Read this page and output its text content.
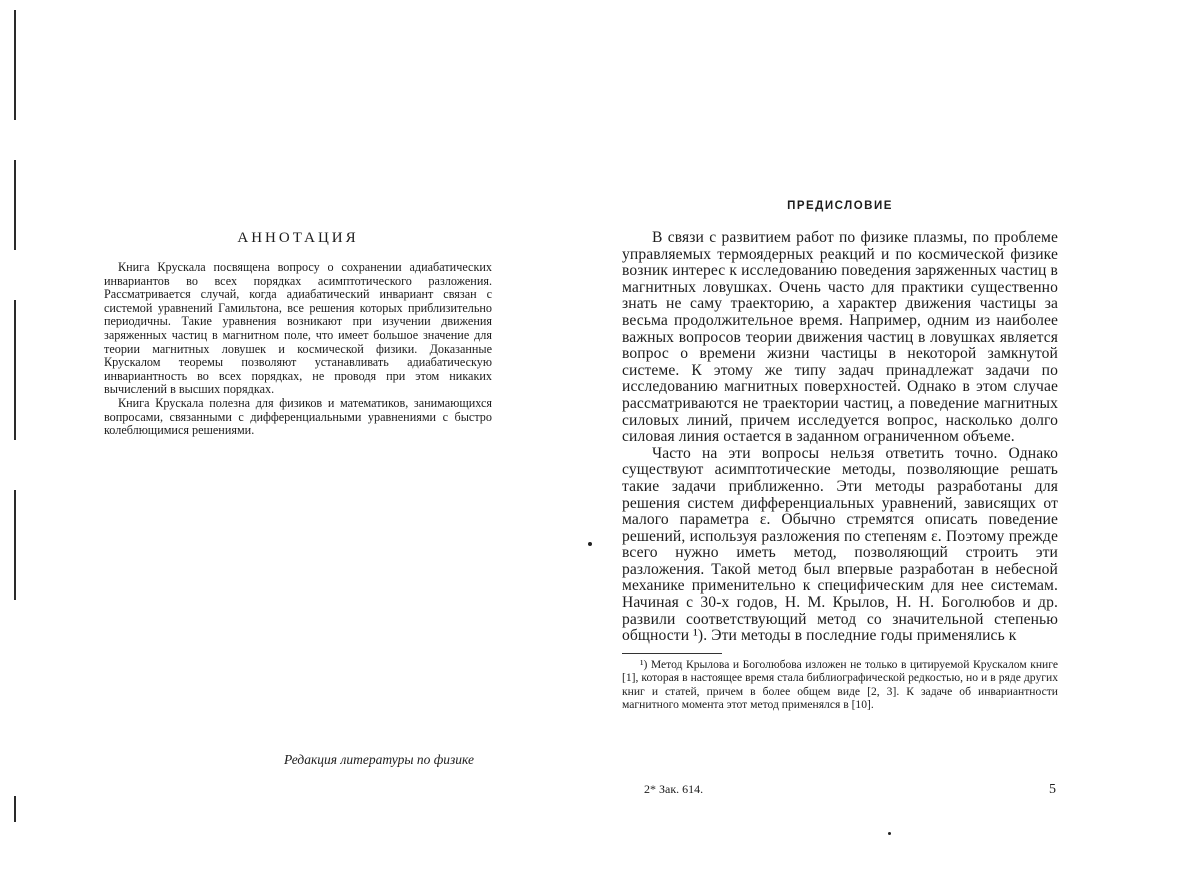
АННОТАЦИЯ

Книга Крускала посвящена вопросу о сохранении адиабатических инвариантов во всех порядках асимптотического разложения. Рассматривается случай, когда адиабатический инвариант связан с системой уравнений Гамильтона, все решения которых приблизительно периодичны. Такие уравнения возникают при изучении движения заряженных частиц в магнитном поле, что имеет большое значение для теории магнитных ловушек и космической физики. Доказанные Крускалом теоремы позволяют устанавливать адиабатическую инвариантность во всех порядках, не проводя при этом никаких вычислений в высших порядках.

Книга Крускала полезна для физиков и математиков, занимающихся вопросами, связанными с дифференциальными уравнениями с быстро колеблющимися решениями.

Редакция литературы по физике
ПРЕДИСЛОВИЕ

В связи с развитием работ по физике плазмы, по проблеме управляемых термоядерных реакций и по космической физике возник интерес к исследованию поведения заряженных частиц в магнитных ловушках. Очень часто для практики существенно знать не саму траекторию, а характер движения частицы за весьма продолжительное время. Например, одним из наиболее важных вопросов теории движения частиц в ловушках является вопрос о времени жизни частицы в некоторой замкнутой системе. К этому же типу задач принадлежат задачи по исследованию магнитных поверхностей. Однако в этом случае рассматриваются не траектории частиц, а поведение магнитных силовых линий, причем исследуется вопрос, насколько долго силовая линия остается в заданном ограниченном объеме.

Часто на эти вопросы нельзя ответить точно. Однако существуют асимптотические методы, позволяющие решать такие задачи приближенно. Эти методы разработаны для решения систем дифференциальных уравнений, зависящих от малого параметра ε. Обычно стремятся описать поведение решений, используя разложения по степеням ε. Поэтому прежде всего нужно иметь метод, позволяющий строить эти разложения. Такой метод был впервые разработан в небесной механике применительно к специфическим для нее системам. Начиная с 30-х годов, Н. М. Крылов, Н. Н. Боголюбов и др. развили соответствующий метод со значительной степенью общности ¹). Эти методы в последние годы применялись к

¹) Метод Крылова и Боголюбова изложен не только в цитируемой Крускалом книге [1], которая в настоящее время стала библиографической редкостью, но и в ряде других книг и статей, причем в более общем виде [2, 3]. К задаче об инвариантности магнитного момента этот метод применялся в [10].

2* Зак. 614.	5
